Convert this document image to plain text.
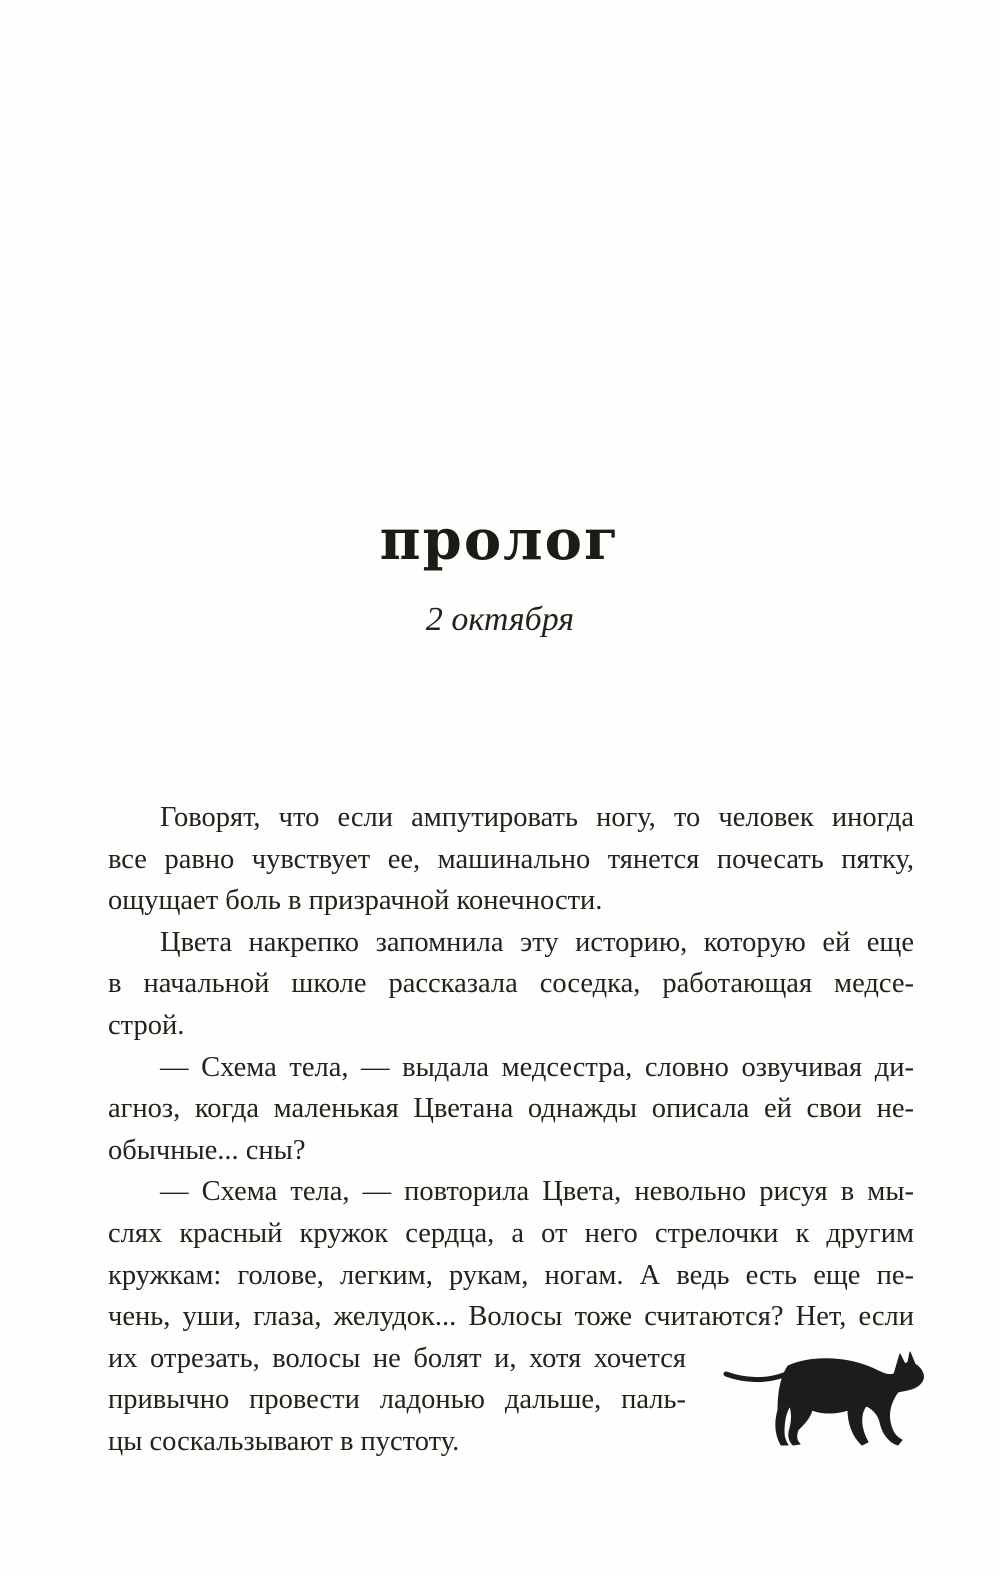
пролог
2 октября
Говорят, что если ампутировать ногу, то человек иногда
все равно чувствует ее, машинально тянется почесать пятку,
ощущает боль в призрачной конечности.
Цвета накрепко запомнила эту историю, которую ей еще
в начальной школе рассказала соседка, работающая медсе-
строй.
— Схема тела, — выдала медсестра, словно озвучивая ди-
агноз, когда маленькая Цветана однажды описала ей свои не-
обычные... сны?
— Схема тела, — повторила Цвета, невольно рисуя в мы-
слях красный кружок сердца, а от него стрелочки к другим
кружкам: голове, легким, рукам, ногам. А ведь есть еще пе-
чень, уши, глаза, желудок... Волосы тоже считаются? Нет, если
их отрезать, волосы не болят и, хотя хочется
привычно провести ладонью дальше, паль-
цы соскальзывают в пустоту.
